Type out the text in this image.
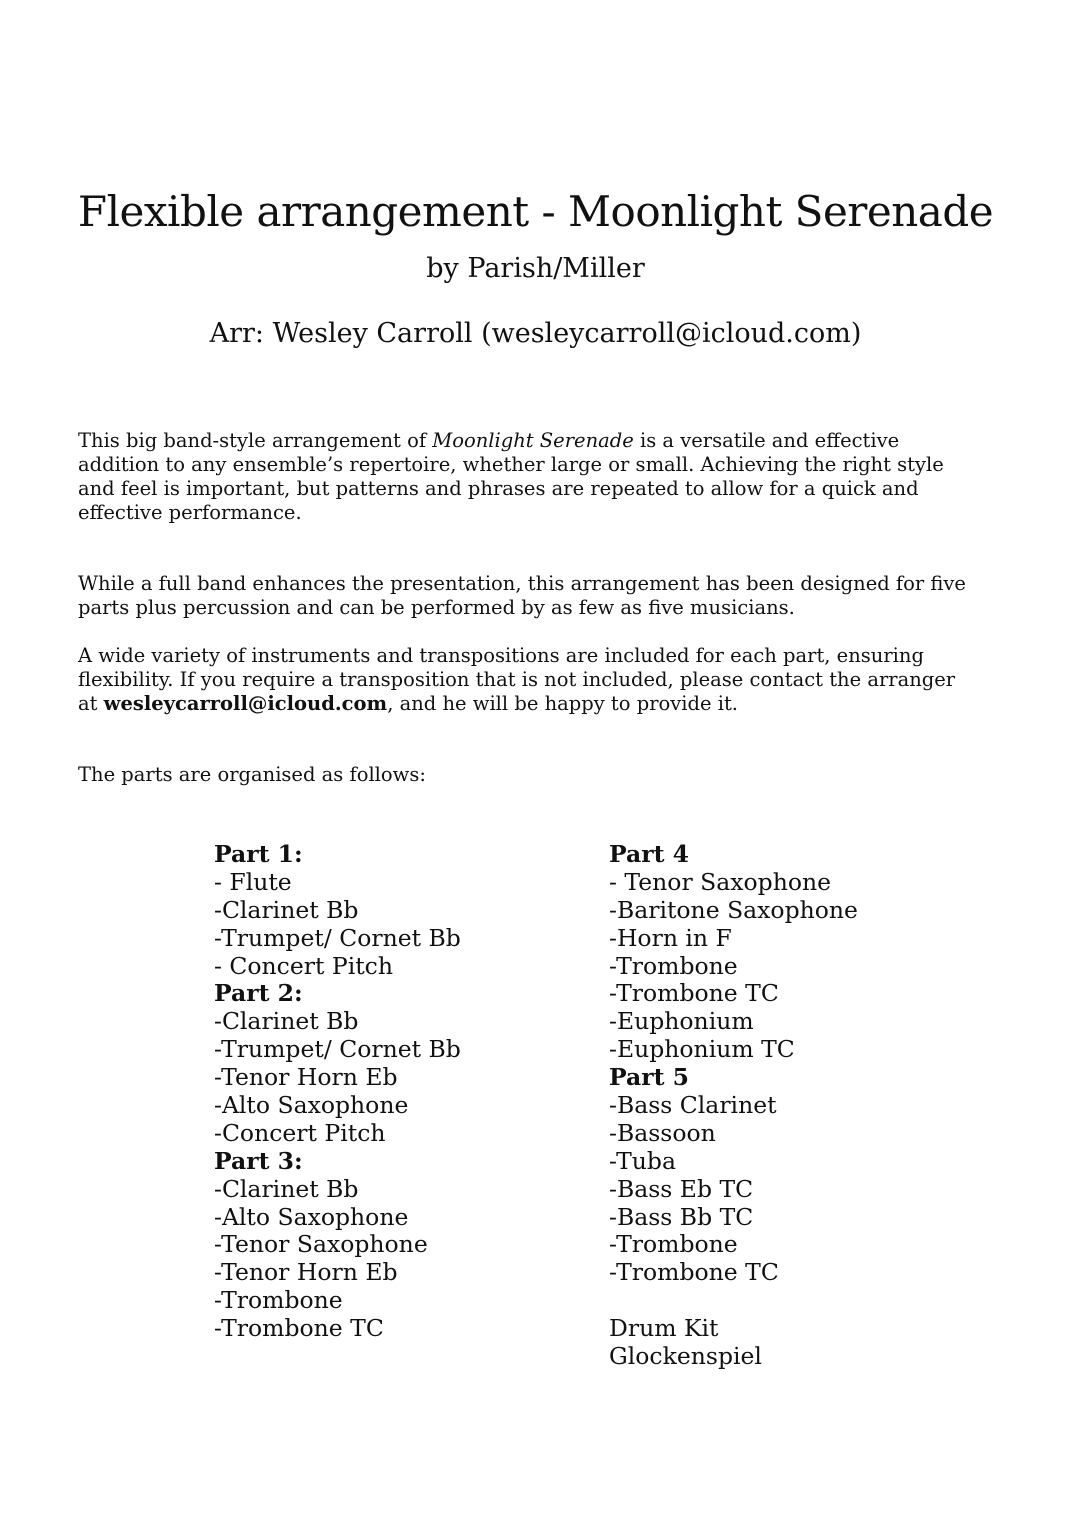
Flexible arrangement - Moonlight Serenade
by Parish/Miller
Arr: Wesley Carroll (wesleycarroll@icloud.com)

This big band-style arrangement of Moonlight Serenade is a versatile and effective addition to any ensemble’s repertoire, whether large or small. Achieving the right style and feel is important, but patterns and phrases are repeated to allow for a quick and effective performance.

While a full band enhances the presentation, this arrangement has been designed for five parts plus percussion and can be performed by as few as five musicians.

A wide variety of instruments and transpositions are included for each part, ensuring flexibility. If you require a transposition that is not included, please contact the arranger at wesleycarroll@icloud.com, and he will be happy to provide it.

The parts are organised as follows:

Part 1:
- Flute
-Clarinet Bb
-Trumpet/ Cornet Bb
- Concert Pitch
Part 2:
-Clarinet Bb
-Trumpet/ Cornet Bb
-Tenor Horn Eb
-Alto Saxophone
-Concert Pitch
Part 3:
-Clarinet Bb
-Alto Saxophone
-Tenor Saxophone
-Tenor Horn Eb
-Trombone
-Trombone TC
Part 4
- Tenor Saxophone
-Baritone Saxophone
-Horn in F
-Trombone
-Trombone TC
-Euphonium
-Euphonium TC
Part 5
-Bass Clarinet
-Bassoon
-Tuba
-Bass Eb TC
-Bass Bb TC
-Trombone
-Trombone TC
Drum Kit
Glockenspiel
